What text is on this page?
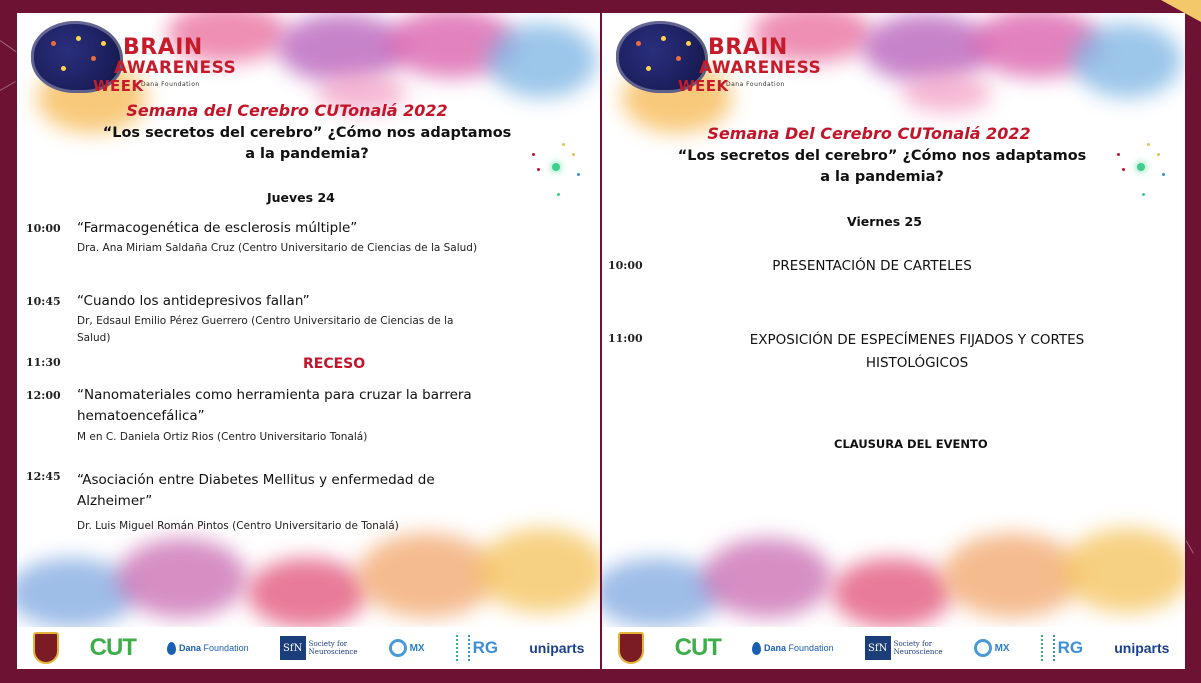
BRAIN
AWARENESS
WEEK
Dana Foundation
Semana del Cerebro CUTonalá 2022
“Los secretos del cerebro” ¿Cómo nos adaptamos
a la pandemia?
Jueves 24
10:00 “Farmacogenética de esclerosis múltiple”
Dra. Ana Miriam Saldaña Cruz (Centro Universitario de Ciencias de la Salud)
10:45 “Cuando los antidepresivos fallan”
Dr, Edsaul Emilio Pérez Guerrero (Centro Universitario de Ciencias de la
Salud)
11:30	RECESO
12:00 “Nanomateriales como herramienta para cruzar la barrera
hematoencefálica”
M en C. Daniela Ortiz Rios (Centro Universitario Tonalá)
12:45 “Asociación entre Diabetes Mellitus y enfermedad de
Alzheimer”
Dr. Luis Miguel Román Pintos (Centro Universitario de Tonalá)
CUT	Dana Foundation	SfN Society for
Neuroscience	MX	RG uniparts
BRAIN
AWARENESS
WEEK
Dana Foundation
Semana Del Cerebro CUTonalá 2022
“Los secretos del cerebro” ¿Cómo nos adaptamos
a la pandemia?
Viernes 25
10:00	PRESENTACIÓN DE CARTELES
11:00	EXPOSICIÓN DE ESPECÍMENES FIJADOS Y CORTES
HISTOLÓGICOS
CLAUSURA DEL EVENTO
CUT	Dana Foundation	SfN Society for
Neuroscience	MX	RG uniparts
